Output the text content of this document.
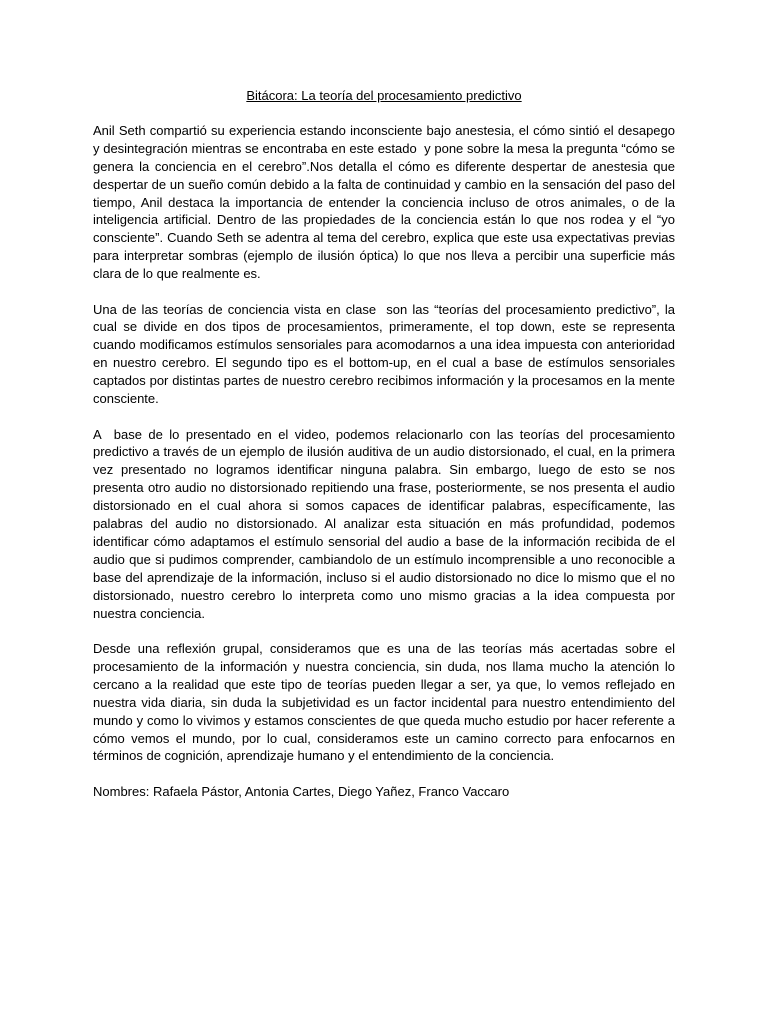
Bitácora: La teoría del procesamiento predictivo
Anil Seth compartió su experiencia estando inconsciente bajo anestesia, el cómo sintió el desapego y desintegración mientras se encontraba en este estado  y pone sobre la mesa la pregunta “cómo se genera la conciencia en el cerebro”.Nos detalla el cómo es diferente despertar de anestesia que despertar de un sueño común debido a la falta de continuidad y cambio en la sensación del paso del tiempo, Anil destaca la importancia de entender la conciencia incluso de otros animales, o de la inteligencia artificial. Dentro de las propiedades de la conciencia están lo que nos rodea y el “yo consciente”. Cuando Seth se adentra al tema del cerebro, explica que este usa expectativas previas para interpretar sombras (ejemplo de ilusión óptica) lo que nos lleva a percibir una superficie más clara de lo que realmente es.
Una de las teorías de conciencia vista en clase  son las “teorías del procesamiento predictivo”, la cual se divide en dos tipos de procesamientos, primeramente, el top down, este se representa cuando modificamos estímulos sensoriales para acomodarnos a una idea impuesta con anterioridad en nuestro cerebro. El segundo tipo es el bottom-up, en el cual a base de estímulos sensoriales captados por distintas partes de nuestro cerebro recibimos información y la procesamos en la mente consciente.
A  base de lo presentado en el video, podemos relacionarlo con las teorías del procesamiento predictivo a través de un ejemplo de ilusión auditiva de un audio distorsionado, el cual, en la primera vez presentado no logramos identificar ninguna palabra. Sin embargo, luego de esto se nos presenta otro audio no distorsionado repitiendo una frase, posteriormente, se nos presenta el audio distorsionado en el cual ahora si somos capaces de identificar palabras, específicamente, las palabras del audio no distorsionado. Al analizar esta situación en más profundidad, podemos identificar cómo adaptamos el estímulo sensorial del audio a base de la información recibida de el audio que si pudimos comprender, cambiandolo de un estímulo incomprensible a uno reconocible a base del aprendizaje de la información, incluso si el audio distorsionado no dice lo mismo que el no distorsionado, nuestro cerebro lo interpreta como uno mismo gracias a la idea compuesta por nuestra conciencia.
Desde una reflexión grupal, consideramos que es una de las teorías más acertadas sobre el procesamiento de la información y nuestra conciencia, sin duda, nos llama mucho la atención lo cercano a la realidad que este tipo de teorías pueden llegar a ser, ya que, lo vemos reflejado en nuestra vida diaria, sin duda la subjetividad es un factor incidental para nuestro entendimiento del mundo y como lo vivimos y estamos conscientes de que queda mucho estudio por hacer referente a cómo vemos el mundo, por lo cual, consideramos este un camino correcto para enfocarnos en términos de cognición, aprendizaje humano y el entendimiento de la conciencia.
Nombres: Rafaela Pástor, Antonia Cartes, Diego Yañez, Franco Vaccaro
